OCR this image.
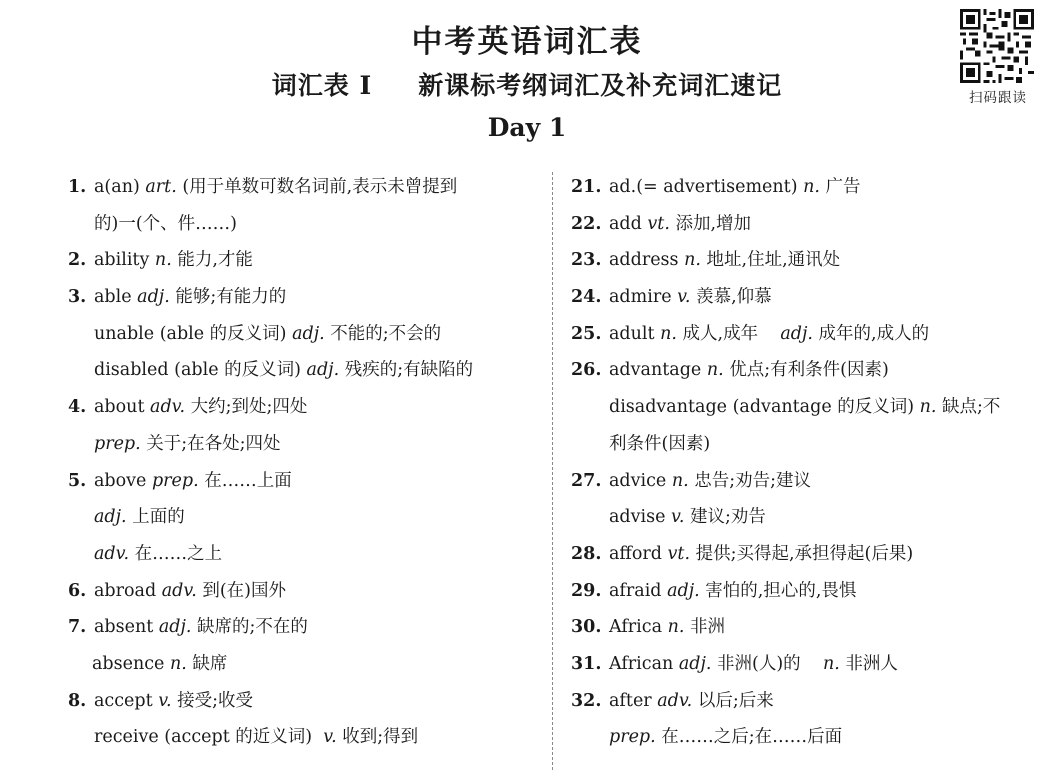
中考英语词汇表
词汇表 I 新课标考纲词汇及补充词汇速记
Day 1
扫码跟读
1. a(an) art. (用于单数可数名词前,表示未曾提到
的)一(个、件……)
2. ability n. 能力,才能
3. able adj. 能够;有能力的
unable (able 的反义词) adj. 不能的;不会的
disabled (able 的反义词) adj. 残疾的;有缺陷的
4. about adv. 大约;到处;四处
prep. 关于;在各处;四处
5. above prep. 在……上面
adj. 上面的
adv. 在……之上
6. abroad adv. 到(在)国外
7. absent adj. 缺席的;不在的
absence n. 缺席
8. accept v. 接受;收受
receive (accept 的近义词)  v. 收到;得到
21. ad.(= advertisement) n. 广告
22. add vt. 添加,增加
23. address n. 地址,住址,通讯处
24. admire v. 羡慕,仰慕
25. adult n. 成人,成年    adj. 成年的,成人的
26. advantage n. 优点;有利条件(因素)
disadvantage (advantage 的反义词) n. 缺点;不
利条件(因素)
27. advice n. 忠告;劝告;建议
advise v. 建议;劝告
28. afford vt. 提供;买得起,承担得起(后果)
29. afraid adj. 害怕的,担心的,畏惧
30. Africa n. 非洲
31. African adj. 非洲(人)的    n. 非洲人
32. after adv. 以后;后来
prep. 在……之后;在……后面
